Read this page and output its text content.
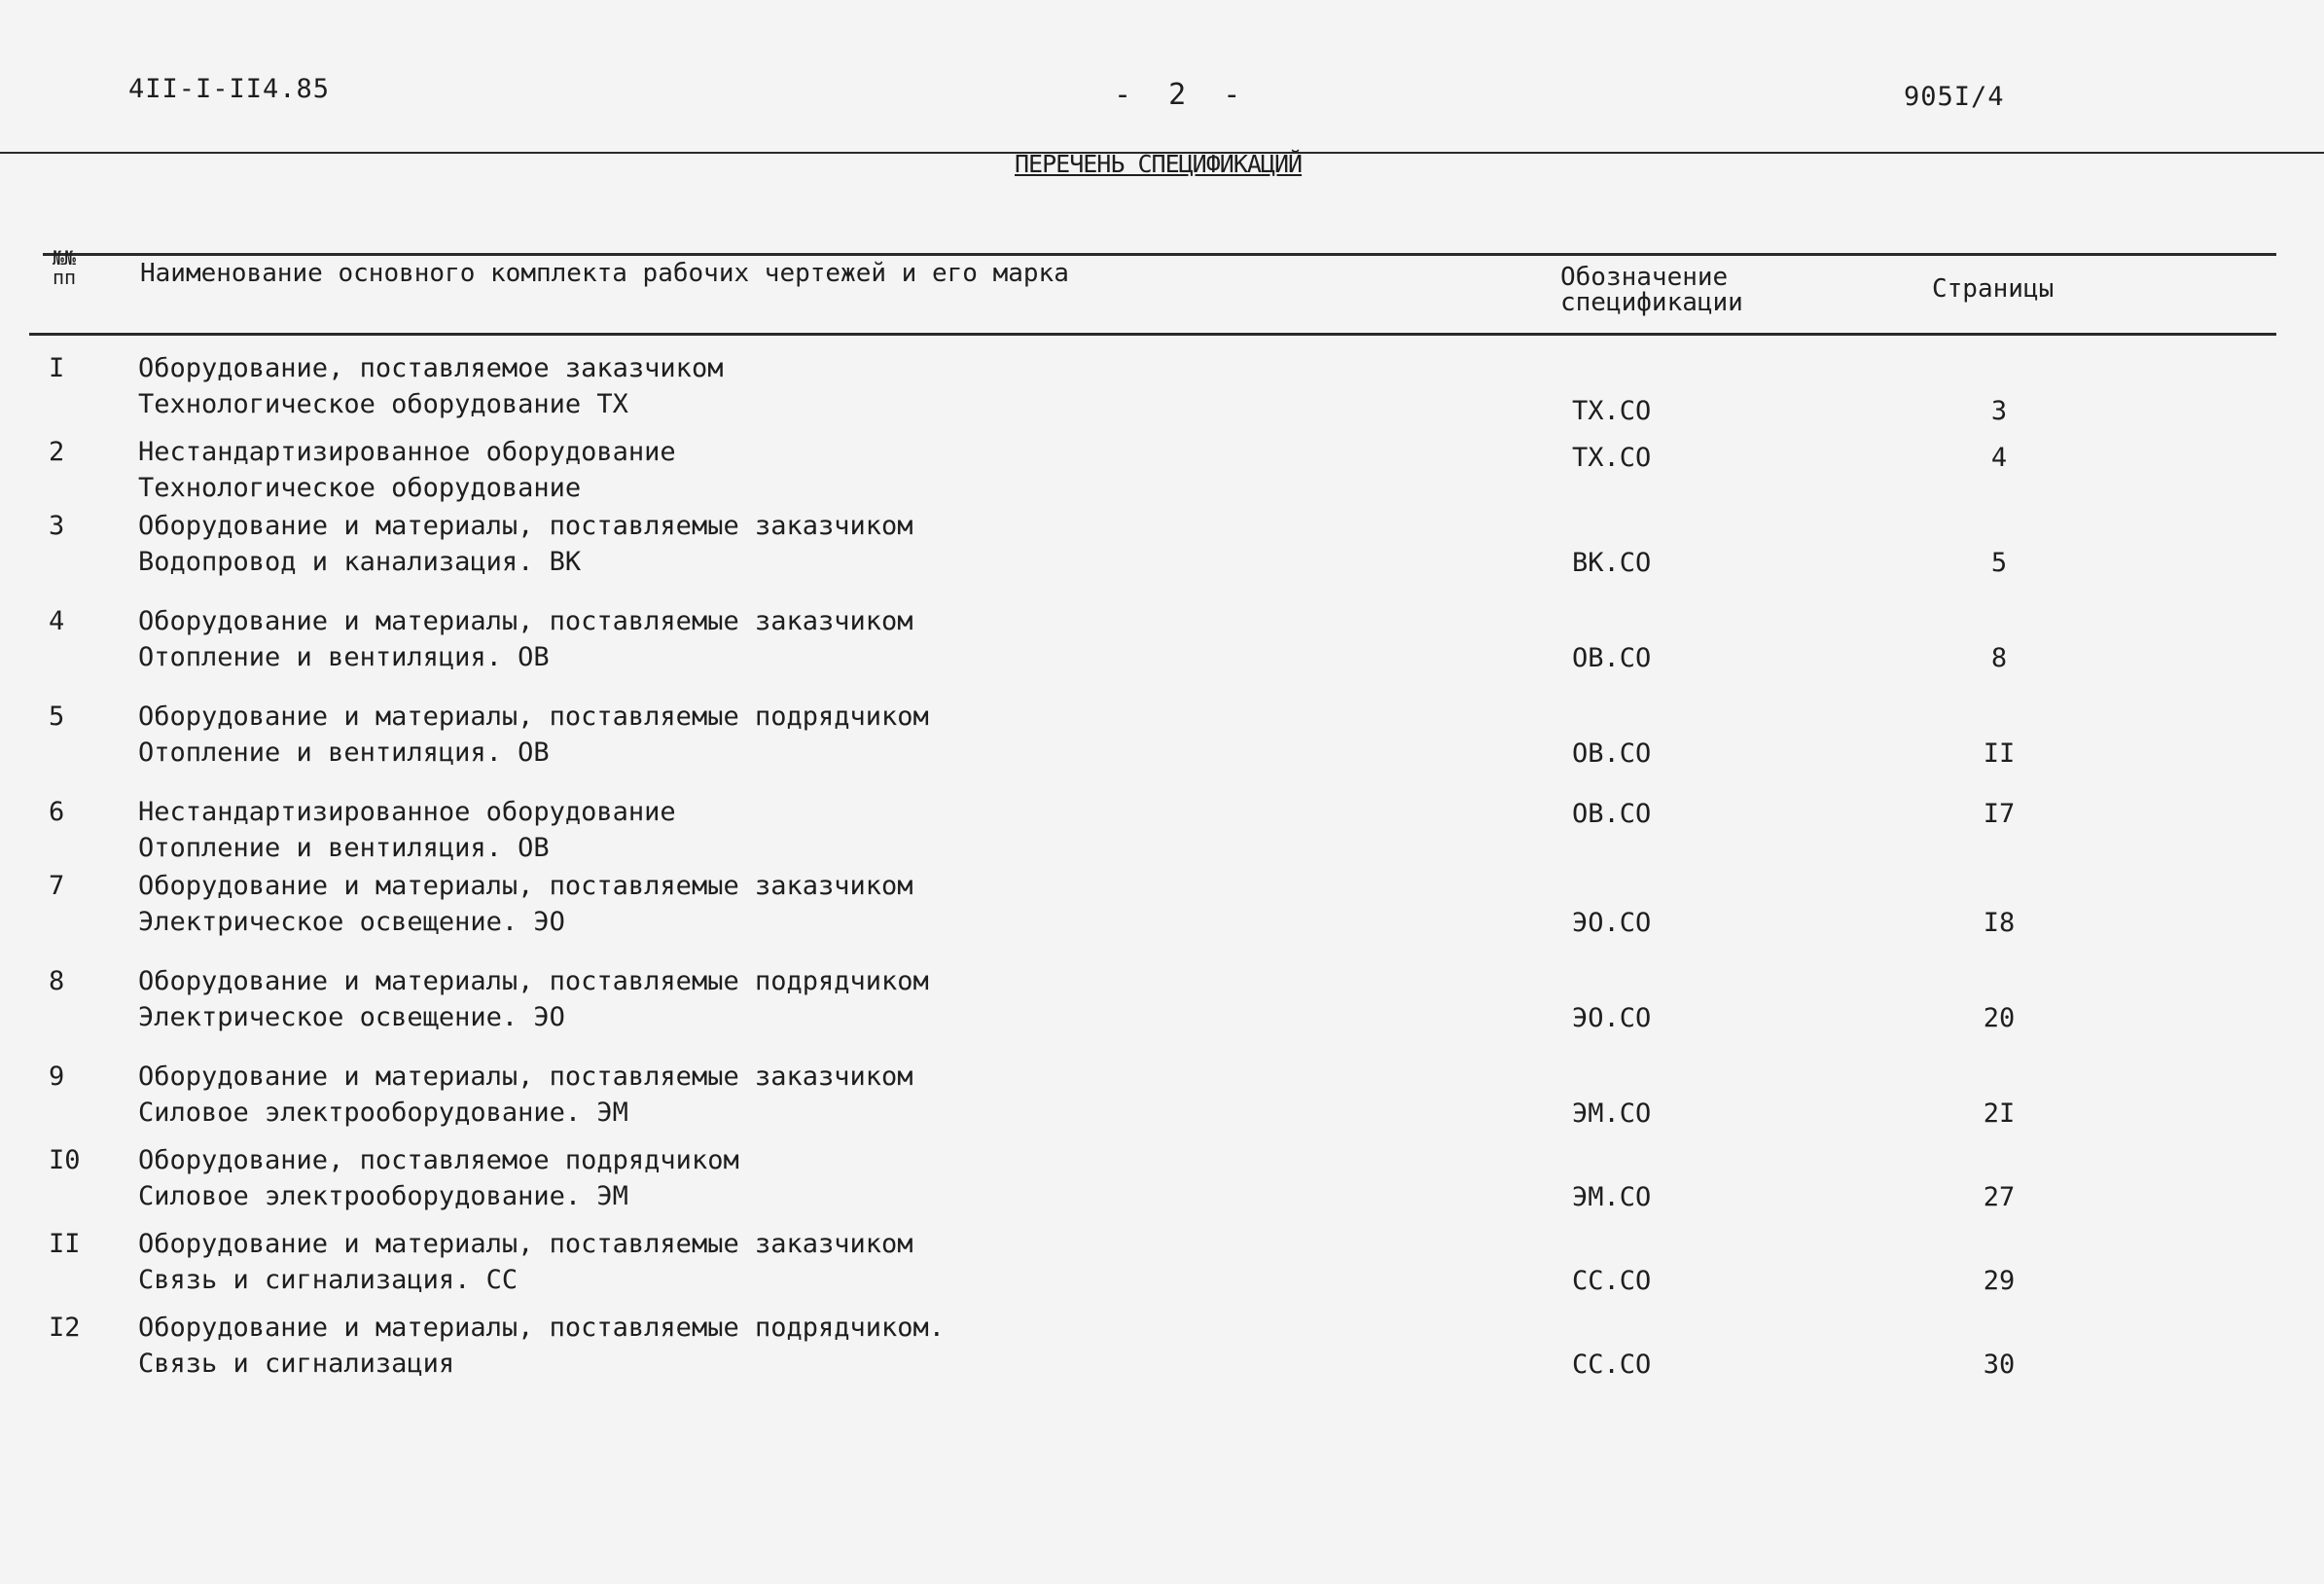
4II-I-II4.85	- 2 -	905I/4
ПЕРЕЧЕНЬ СПЕЦИФИКАЦИЙ
№№
пп	Наименование основного комплекта рабочих чертежей и его марка	Обозначение
спецификации	Страницы
I	Оборудование, поставляемое заказчиком
Технологическое оборудование ТХ	ТХ.СО	3
2	Нестандартизированное оборудование
Технологическое оборудование
ТХ.СО	4
3	Оборудование и материалы, поставляемые заказчиком
Водопровод и канализация. ВК	ВК.СО	5
4	Оборудование и материалы, поставляемые заказчиком
Отопление и вентиляция. ОВ	ОВ.СО	8
5	Оборудование и материалы, поставляемые подрядчиком
Отопление и вентиляция. ОВ	ОВ.СО	II
6	Нестандартизированное оборудование
Отопление и вентиляция. ОВ
ОВ.СО	I7
7	Оборудование и материалы, поставляемые заказчиком
Электрическое освещение. ЭО	ЭО.СО	I8
8	Оборудование и материалы, поставляемые подрядчиком
Электрическое освещение. ЭО	ЭО.СО	20
9	Оборудование и материалы, поставляемые заказчиком
Силовое электрооборудование. ЭМ	ЭМ.СО	2I
I0 Оборудование, поставляемое подрядчиком
Силовое электрооборудование. ЭМ	ЭМ.СО	27
II Оборудование и материалы, поставляемые заказчиком
Связь и сигнализация. СС	СС.СО	29
I2 Оборудование и материалы, поставляемые подрядчиком.
Связь и сигнализация	СС.СО	30
